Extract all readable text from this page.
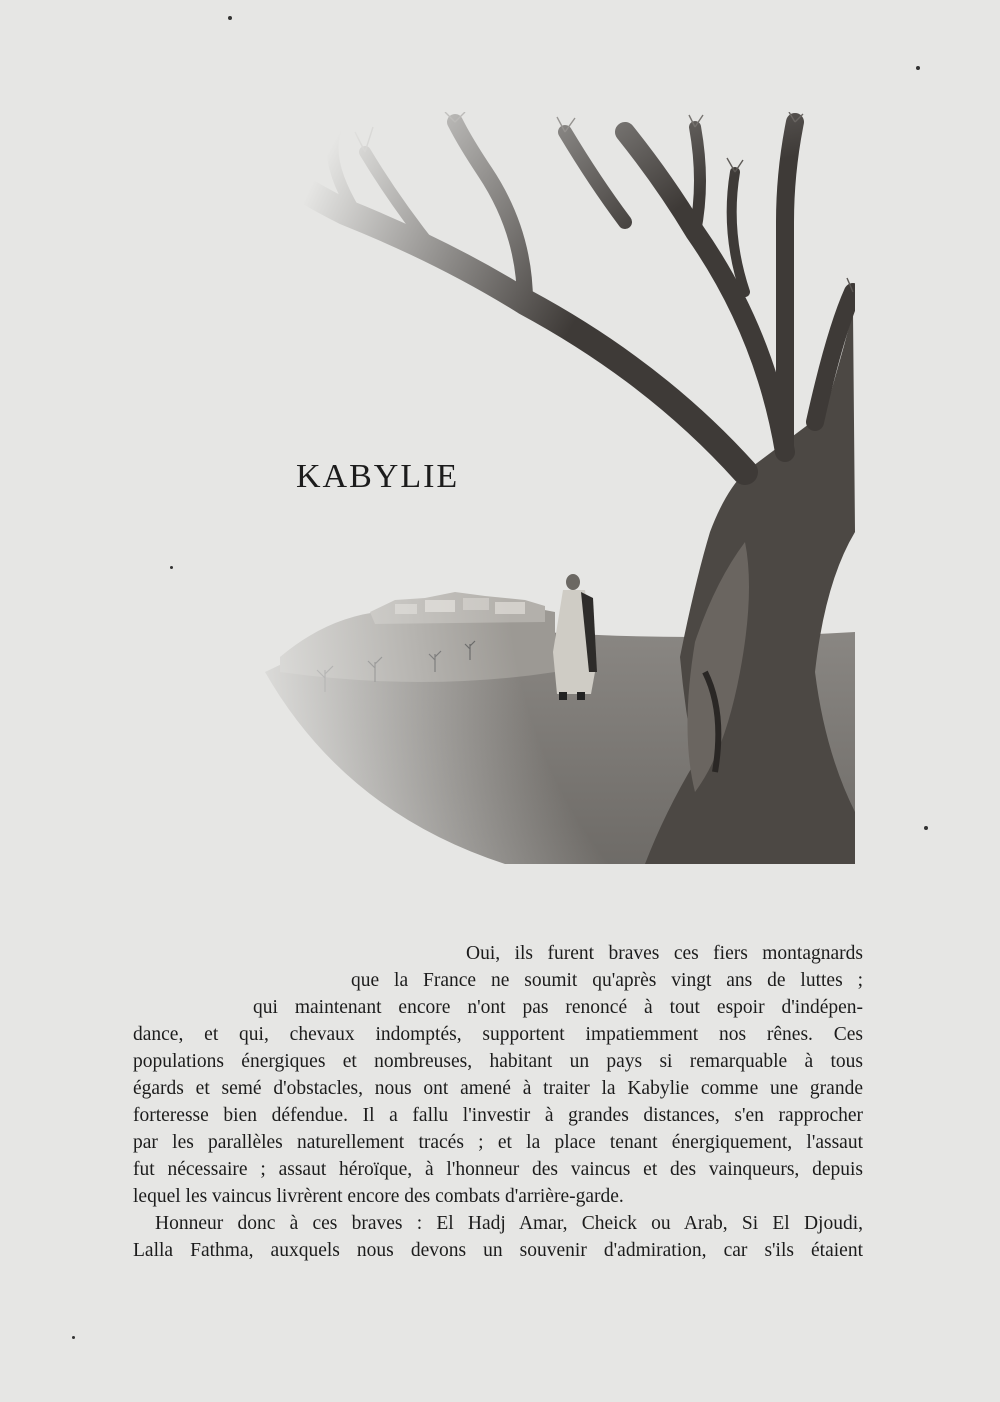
KABYLIE
Oui, ils furent braves ces fiers montagnards
que la France ne soumit qu'après vingt ans de luttes ;
qui maintenant encore n'ont pas renoncé à tout espoir d'indépen-
dance, et qui, chevaux indomptés, supportent impatiemment nos rênes. Ces
populations énergiques et nombreuses, habitant un pays si remarquable à tous
égards et semé d'obstacles, nous ont amené à traiter la Kabylie comme une grande
forteresse bien défendue. Il a fallu l'investir à grandes distances, s'en rapprocher
par les parallèles naturellement tracés ; et la place tenant énergiquement, l'assaut
fut nécessaire ; assaut héroïque, à l'honneur des vaincus et des vainqueurs, depuis
lequel les vaincus livrèrent encore des combats d'arrière-garde.
Honneur donc à ces braves : El Hadj Amar, Cheick ou Arab, Si El Djoudi,
Lalla Fathma, auxquels nous devons un souvenir d'admiration, car s'ils étaient
